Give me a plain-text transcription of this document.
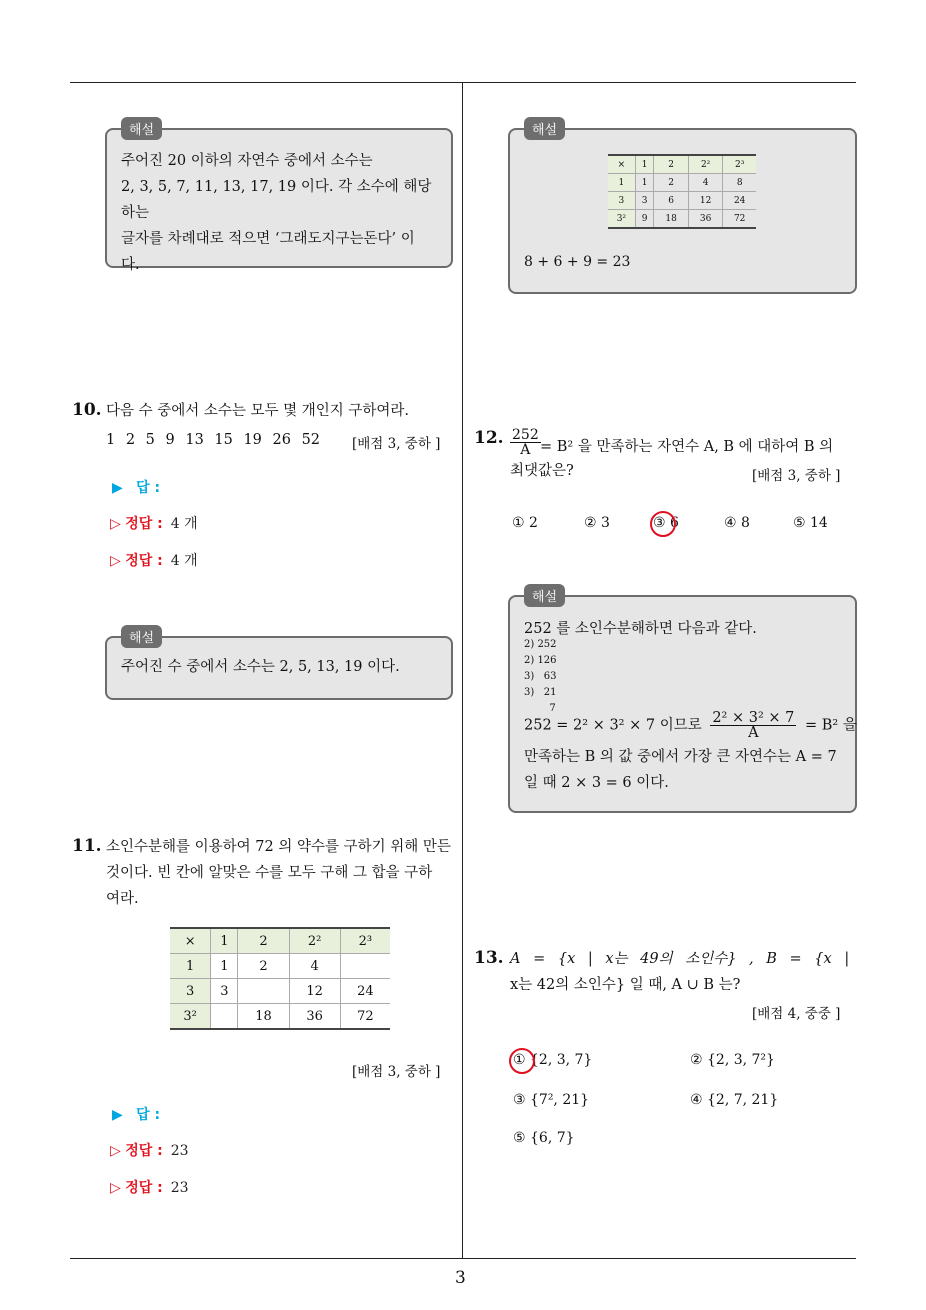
3
해설
주어진 20 이하의 자연수 중에서 소수는
2, 3, 5, 7, 11, 13, 17, 19 이다. 각 소수에 해당하는
글자를 차례대로 적으면 ‘그래도지구는돈다’ 이
다.
10. 다음 수 중에서 소수는 모두 몇 개인지 구하여라.
1 2 5 9 13 15 19 26 52 [배점 3, 중하 ]
▶ 답 :
▷ 정답 : 4 개
▷ 정답 : 4 개
해설
주어진 수 중에서 소수는 2, 5, 13, 19 이다.
11. 소인수분해를 이용하여 72 의 약수를 구하기 위해 만든
것이다. 빈 칸에 알맞은 수를 모두 구해 그 합을 구하
여라.
×	1	2	2²	2³
1	1	2	4	
3	3		12	24
3²		18	36	72
[배점 3, 중하 ]
▶ 답 :
▷ 정답 : 23
▷ 정답 : 23
해설
×	1	2	2²	2³
1	1	2	4	8
3	3	6	12	24
3²	9	18	36	72
8 + 6 + 9 = 23
12. $\frac{252}{A} = B^2$ 을 만족하는 자연수 A, B 에 대하여 B 의
최댓값은?	[배점 3, 중하 ]
① 2	② 3	③ 6	④ 8	⑤ 14
해설
252 를 소인수분해하면 다음과 같다.
2) 252
2) 126
3)   63
3)   21
7
252 = 2² × 3² × 7 이므로 $\frac{\text{2² × 3² × 7}}{A} = B^2$ 을
만족하는 B 의 값 중에서 가장 큰 자연수는 A = 7
일 때 2 × 3 = 6 이다.
13. A = {x | x는 49의 소인수} , B = {x |
x는 42의 소인수} 일 때, A ∪ B 는?
[배점 4, 중중 ]
① {2, 3, 7}	② {2, 3, 7²}
③ {7², 21}	④ {2, 7, 21}
⑤ {6, 7}
